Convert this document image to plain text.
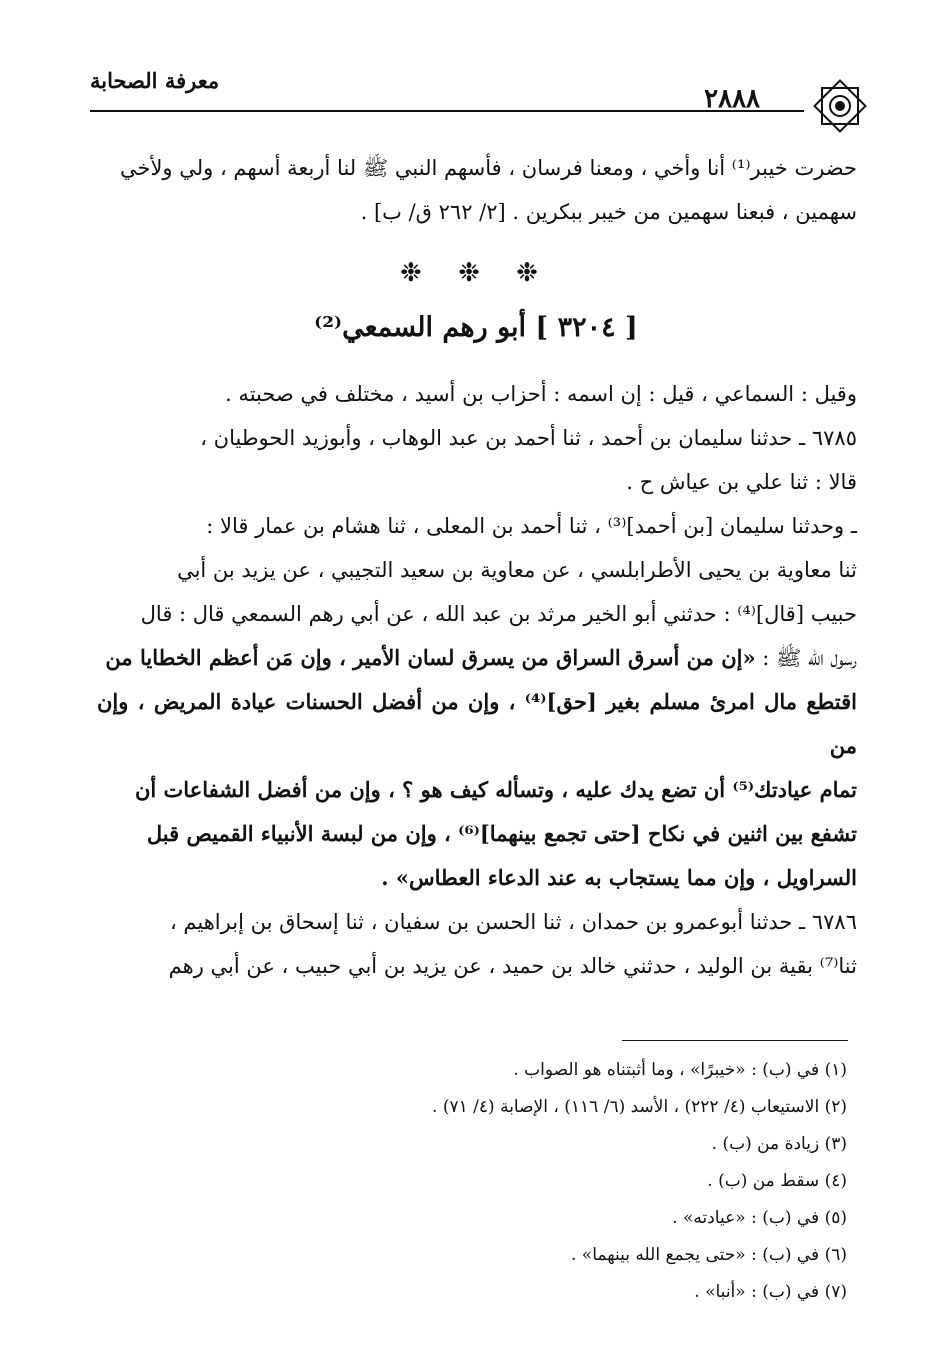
معرفة الصحابة
٢٨٨٨

حضرت خيبر⁽¹⁾ أنا وأخي ، ومعنا فرسان ، فأسهم النبي ﷺ لنا أربعة أسهم ، ولي ولأخي

سهمين ، فبعنا سهمين من خيبر ببكرين . [٢/ ٢٦٢ ق/ ب] .

❉ ❉ ❉
[ ٣٢٠٤ ] أبو رهم السمعي⁽²⁾

وقيل : السماعي ، قيل : إن اسمه : أحزاب بن أسيد ، مختلف في صحبته .

٦٧٨٥ ـ حدثنا سليمان بن أحمد ، ثنا أحمد بن عبد الوهاب ، وأبوزيد الحوطيان ،

قالا : ثنا علي بن عياش ح .

ـ وحدثنا سليمان [بن أحمد]⁽³⁾ ، ثنا أحمد بن المعلى ، ثنا هشام بن عمار قالا :

ثنا معاوية بن يحيى الأطرابلسي ، عن معاوية بن سعيد التجيبي ، عن يزيد بن أبي

حبيب [قال]⁽⁴⁾ : حدثني أبو الخير مرثد بن عبد الله ، عن أبي رهم السمعي قال : قال

رسول الله ﷺ : «إن من أسرق السراق من يسرق لسان الأمير ، وإن مَن أعظم الخطايا من

اقتطع مال امرئ مسلم بغير [حق]⁽⁴⁾ ، وإن من أفضل الحسنات عيادة المريض ، وإن من

تمام عيادتك⁽⁵⁾ أن تضع يدك عليه ، وتسأله كيف هو ؟ ، وإن من أفضل الشفاعات أن

تشفع بين اثنين في نكاح [حتى تجمع بينهما]⁽⁶⁾ ، وإن من لبسة الأنبياء القميص قبل

السراويل ، وإن مما يستجاب به عند الدعاء العطاس» .

٦٧٨٦ ـ حدثنا أبوعمرو بن حمدان ، ثنا الحسن بن سفيان ، ثنا إسحاق بن إبراهيم ،

ثنا⁽⁷⁾ بقية بن الوليد ، حدثني خالد بن حميد ، عن يزيد بن أبي حبيب ، عن أبي رهم

(١) في (ب) : «خيبرًا» ، وما أثبتناه هو الصواب .
(٢) الاستيعاب (٤/ ٢٢٢) ، الأسد (٦/ ١١٦) ، الإصابة (٤/ ٧١) .
(٣) زيادة من (ب) .
(٤) سقط من (ب) .
(٥) في (ب) : «عيادته» .
(٦) في (ب) : «حتى يجمع الله بينهما» .
(٧) في (ب) : «أنبا» .
